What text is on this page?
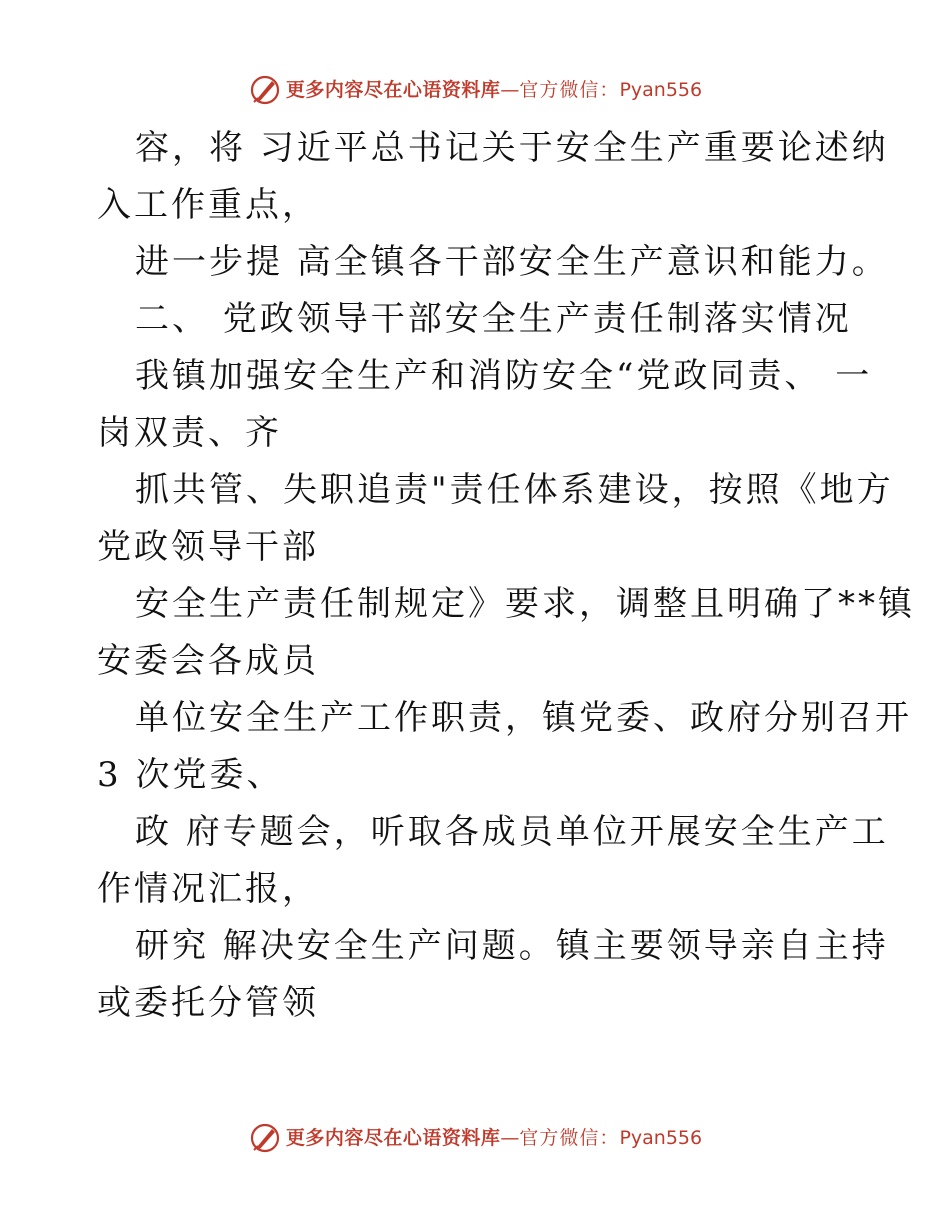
更多内容尽在心语资料库 — 官方微信： Pyan556
容，将 习近平总书记关于安全生产重要论述纳
入工作重点，
进一步提 高全镇各干部安全生产意识和能力。
二、 党政领导干部安全生产责任制落实情况
我镇加强安全生产和消防安全“党政同责、 一
岗双责、齐
抓共管、失职追责"责任体系建设，按照《地方
党政领导干部
安全生产责任制规定》要求，调整且明确了**镇
安委会各成员
单位安全生产工作职责，镇党委、政府分别召开
3 次党委、
政 府专题会，听取各成员单位开展安全生产工
作情况汇报，
研究 解决安全生产问题。镇主要领导亲自主持
或委托分管领
更多内容尽在心语资料库 — 官方微信： Pyan556
